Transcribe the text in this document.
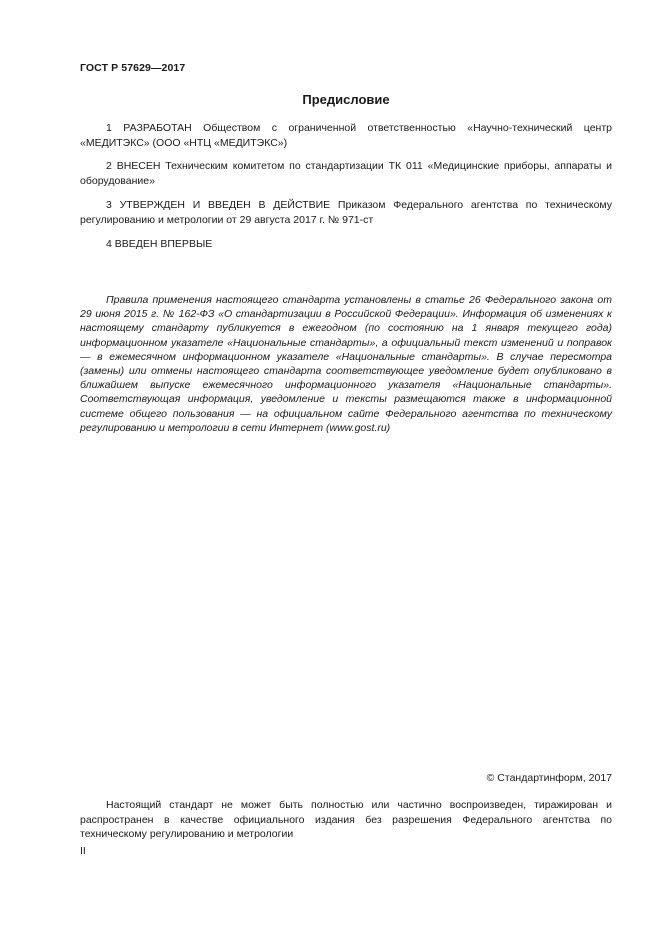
ГОСТ Р 57629—2017
Предисловие

1 РАЗРАБОТАН Обществом с ограниченной ответственностью «Научно-технический центр «МЕДИТЭКС» (ООО «НТЦ «МЕДИТЭКС»)

2 ВНЕСЕН Техническим комитетом по стандартизации ТК 011 «Медицинские приборы, аппараты и оборудование»

3 УТВЕРЖДЕН И ВВЕДЕН В ДЕЙСТВИЕ Приказом Федерального агентства по техническому регулированию и метрологии от 29 августа 2017 г. № 971-ст

4 ВВЕДЕН ВПЕРВЫЕ

Правила применения настоящего стандарта установлены в статье 26 Федерального закона от 29 июня 2015 г. № 162-ФЗ «О стандартизации в Российской Федерации». Информация об изменениях к настоящему стандарту публикуется в ежегодном (по состоянию на 1 января текущего года) информационном указателе «Национальные стандарты», а официальный текст изменений и поправок — в ежемесячном информационном указателе «Национальные стандарты». В случае пересмотра (замены) или отмены настоящего стандарта соответствующее уведомление будет опубликовано в ближайшем выпуске ежемесячного информационного указателя «Национальные стандарты». Соответствующая информация, уведомление и тексты размещаются также в информационной системе общего пользования — на официальном сайте Федерального агентства по техническому регулированию и метрологии в сети Интернет (www.gost.ru)

© Стандартинформ, 2017

Настоящий стандарт не может быть полностью или частично воспроизведен, тиражирован и распространен в качестве официального издания без разрешения Федерального агентства по техническому регулированию и метрологии

II
